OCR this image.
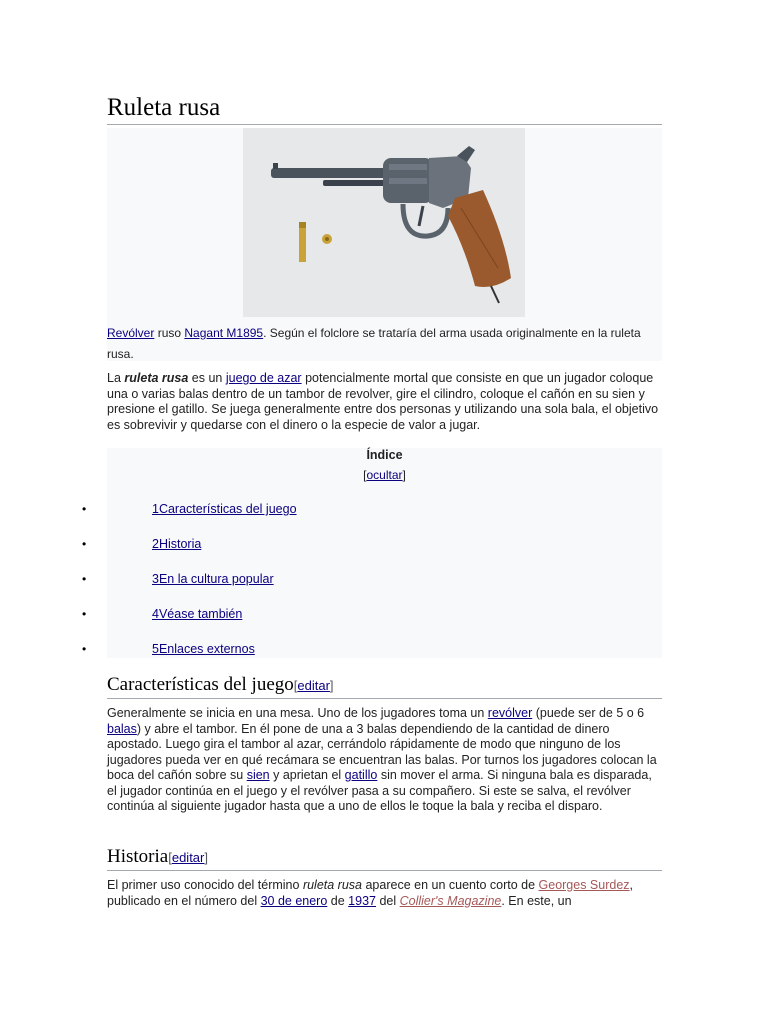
Ruleta rusa
Revólver ruso Nagant M1895. Según el folclore se trataría del arma usada originalmente en la ruleta rusa.

La ruleta rusa es un juego de azar potencialmente mortal que consiste en que un jugador coloque una o varias balas dentro de un tambor de revolver, gire el cilindro, coloque el cañón en su sien y presione el gatillo. Se juega generalmente entre dos personas y utilizando una sola bala, el objetivo es sobrevivir y quedarse con el dinero o la especie de valor a jugar.

Índice
[ocultar]
•	1Características del juego
•	2Historia
•	3En la cultura popular
•	4Véase también
•	5Enlaces externos
Características del juego[editar]

Generalmente se inicia en una mesa. Uno de los jugadores toma un revólver (puede ser de 5 o 6 balas) y abre el tambor. En él pone de una a 3 balas dependiendo de la cantidad de dinero apostado. Luego gira el tambor al azar, cerrándolo rápidamente de modo que ninguno de los jugadores pueda ver en qué recámara se encuentran las balas. Por turnos los jugadores colocan la boca del cañón sobre su sien y aprietan el gatillo sin mover el arma. Si ninguna bala es disparada, el jugador continúa en el juego y el revólver pasa a su compañero. Si este se salva, el revólver continúa al siguiente jugador hasta que a uno de ellos le toque la bala y reciba el disparo.

Historia[editar]

El primer uso conocido del término ruleta rusa aparece en un cuento corto de Georges Surdez, publicado en el número del 30 de enero de 1937 del Collier's Magazine. En este, un
